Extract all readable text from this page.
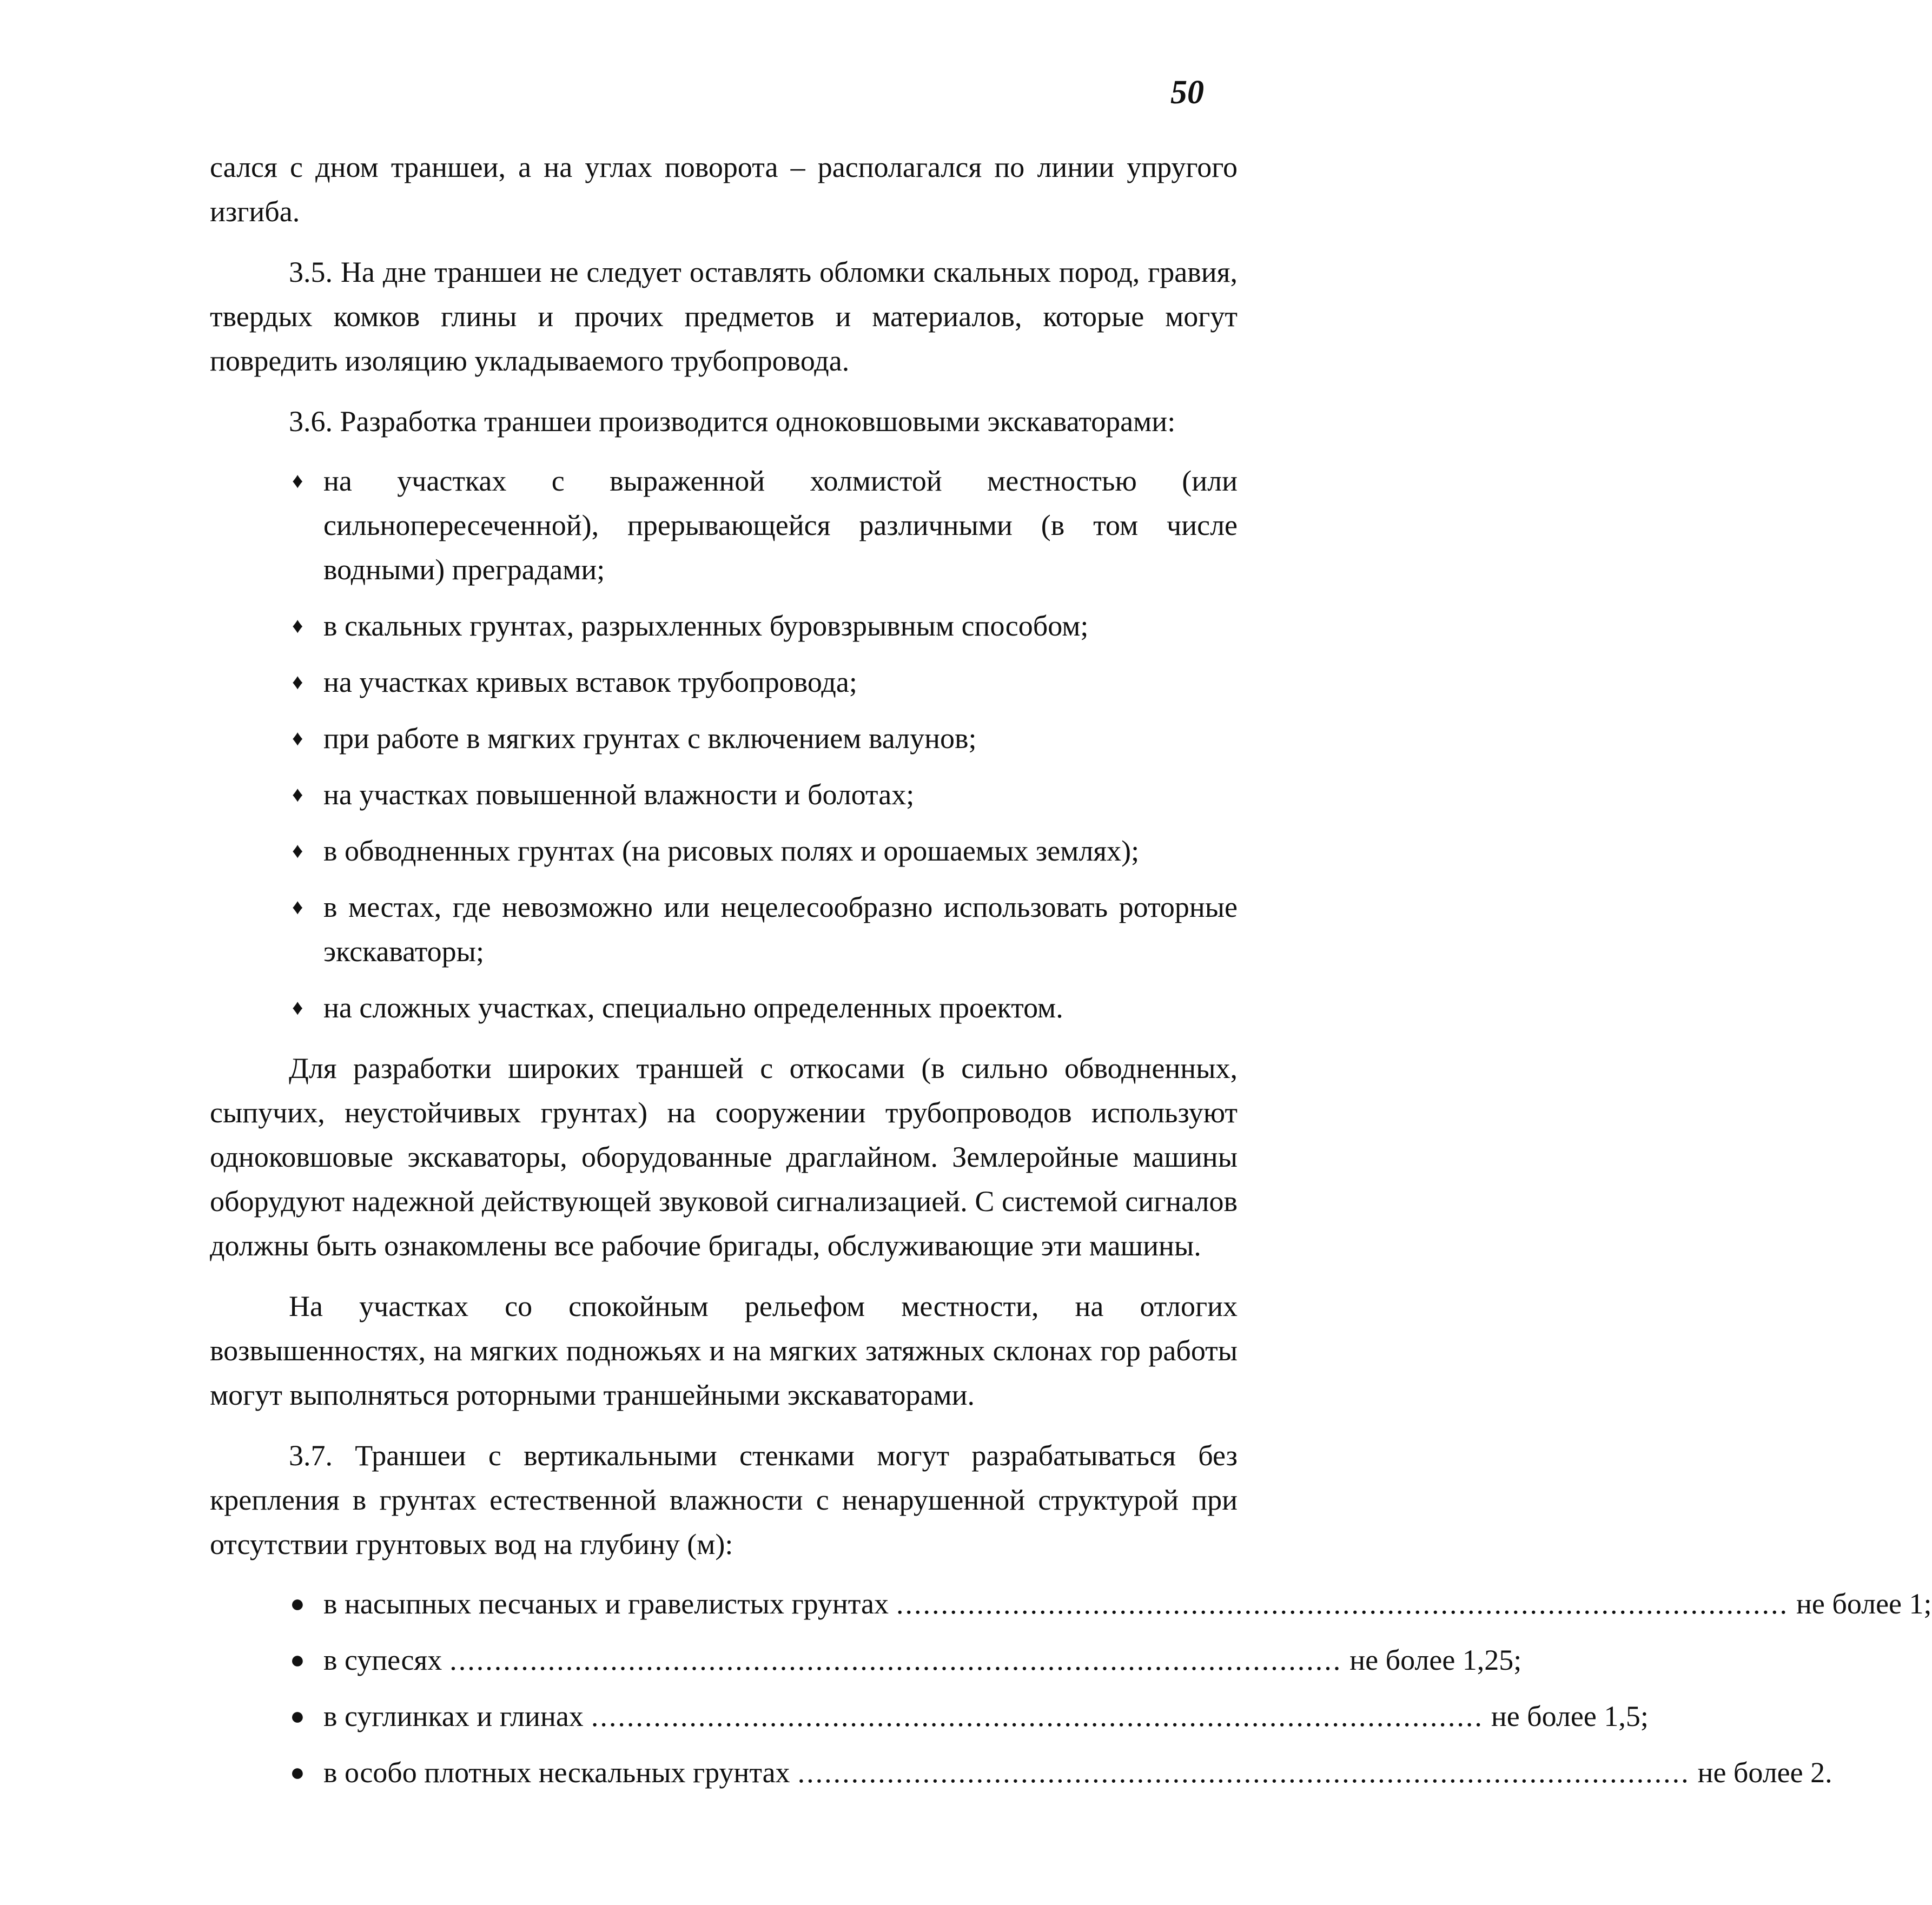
50

сался с дном траншеи, а на углах поворота – располагался по линии упругого изгиба.

3.5. На дне траншеи не следует оставлять обломки скальных пород, гравия, твердых комков глины и прочих предметов и материалов, которые могут повредить изоляцию укладываемого трубопровода.

3.6. Разработка траншеи производится одноковшовыми экскаваторами:

♦ на участках с выраженной холмистой местностью (или сильнопересеченной), прерывающейся различными (в том числе водными) преградами;
♦ в скальных грунтах, разрыхленных буровзрывным способом;
♦ на участках кривых вставок трубопровода;
♦ при работе в мягких грунтах с включением валунов;
♦ на участках повышенной влажности и болотах;
♦ в обводненных грунтах (на рисовых полях и орошаемых землях);
♦ в местах, где невозможно или нецелесообразно использовать роторные экскаваторы;
♦ на сложных участках, специально определенных проектом.

Для разработки широких траншей с откосами (в сильно обводненных, сыпучих, неустойчивых грунтах) на сооружении трубопроводов используют одноковшовые экскаваторы, оборудованные драглайном. Землеройные машины оборудуют надежной действующей звуковой сигнализацией. С системой сигналов должны быть ознакомлены все рабочие бригады, обслуживающие эти машины.

На участках со спокойным рельефом местности, на отлогих возвышенностях, на мягких подножьях и на мягких затяжных склонах гор работы могут выполняться роторными траншейными экскаваторами.

3.7. Траншеи с вертикальными стенками могут разрабатываться без крепления в грунтах естественной влажности с ненарушенной структурой при отсутствии грунтовых вод на глубину (м):

● в насыпных песчаных и гравелистых грунтах .................................................................................................... не более 1;
● в супесях .................................................................................................... не более 1,25;
● в суглинках и глинах .................................................................................................... не более 1,5;
● в особо плотных нескальных грунтах .................................................................................................... не более 2.
